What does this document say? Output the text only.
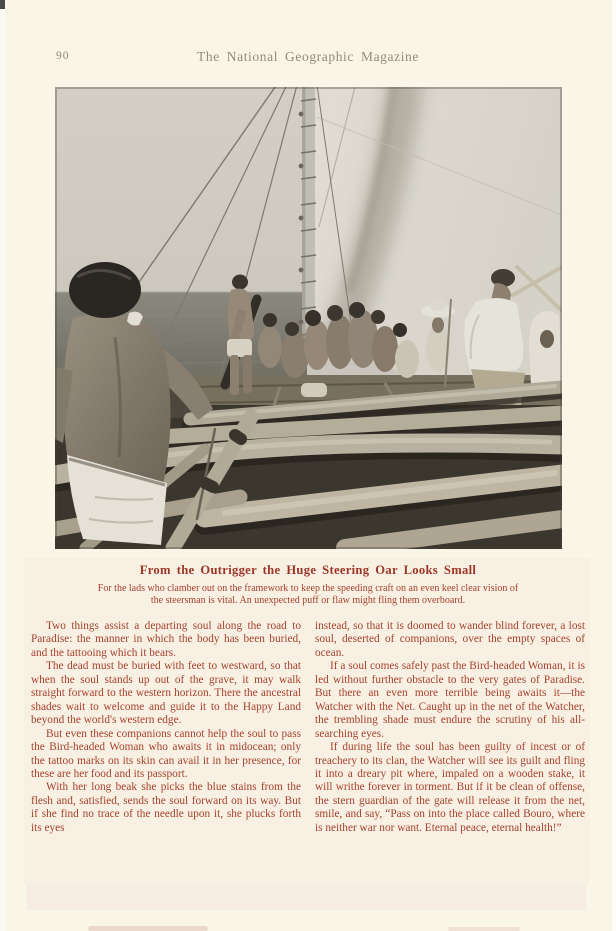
90	The National Geographic Magazine
From the Outrigger the Huge Steering Oar Looks Small
For the lads who clamber out on the framework to keep the speeding craft on an even keel clear vision of
the steersman is vital. An unexpected puff or flaw might fling them overboard.

Two things assist a departing soul along the road to Paradise: the manner in which the body has been buried, and the tattooing which it bears.

The dead must be buried with feet to westward, so that when the soul stands up out of the grave, it may walk straight forward to the western horizon. There the ancestral shades wait to welcome and guide it to the Happy Land beyond the world's western edge.

But even these companions cannot help the soul to pass the Bird-headed Woman who awaits it in midocean; only the tattoo marks on its skin can avail it in her presence, for these are her food and its passport.

With her long beak she picks the blue stains from the flesh and, satisfied, sends the soul forward on its way. But if she find no trace of the needle upon it, she plucks forth its eyes

instead, so that it is doomed to wander blind forever, a lost soul, deserted of companions, over the empty spaces of ocean.

If a soul comes safely past the Bird-headed Woman, it is led without further obstacle to the very gates of Paradise. But there an even more terrible being awaits it—the Watcher with the Net. Caught up in the net of the Watcher, the trembling shade must endure the scrutiny of his all-searching eyes.

If during life the soul has been guilty of incest or of treachery to its clan, the Watcher will see its guilt and fling it into a dreary pit where, impaled on a wooden stake, it will writhe forever in torment. But if it be clean of offense, the stern guardian of the gate will release it from the net, smile, and say, “Pass on into the place called Bouro, where is neither war nor want. Eternal peace, eternal health!”
